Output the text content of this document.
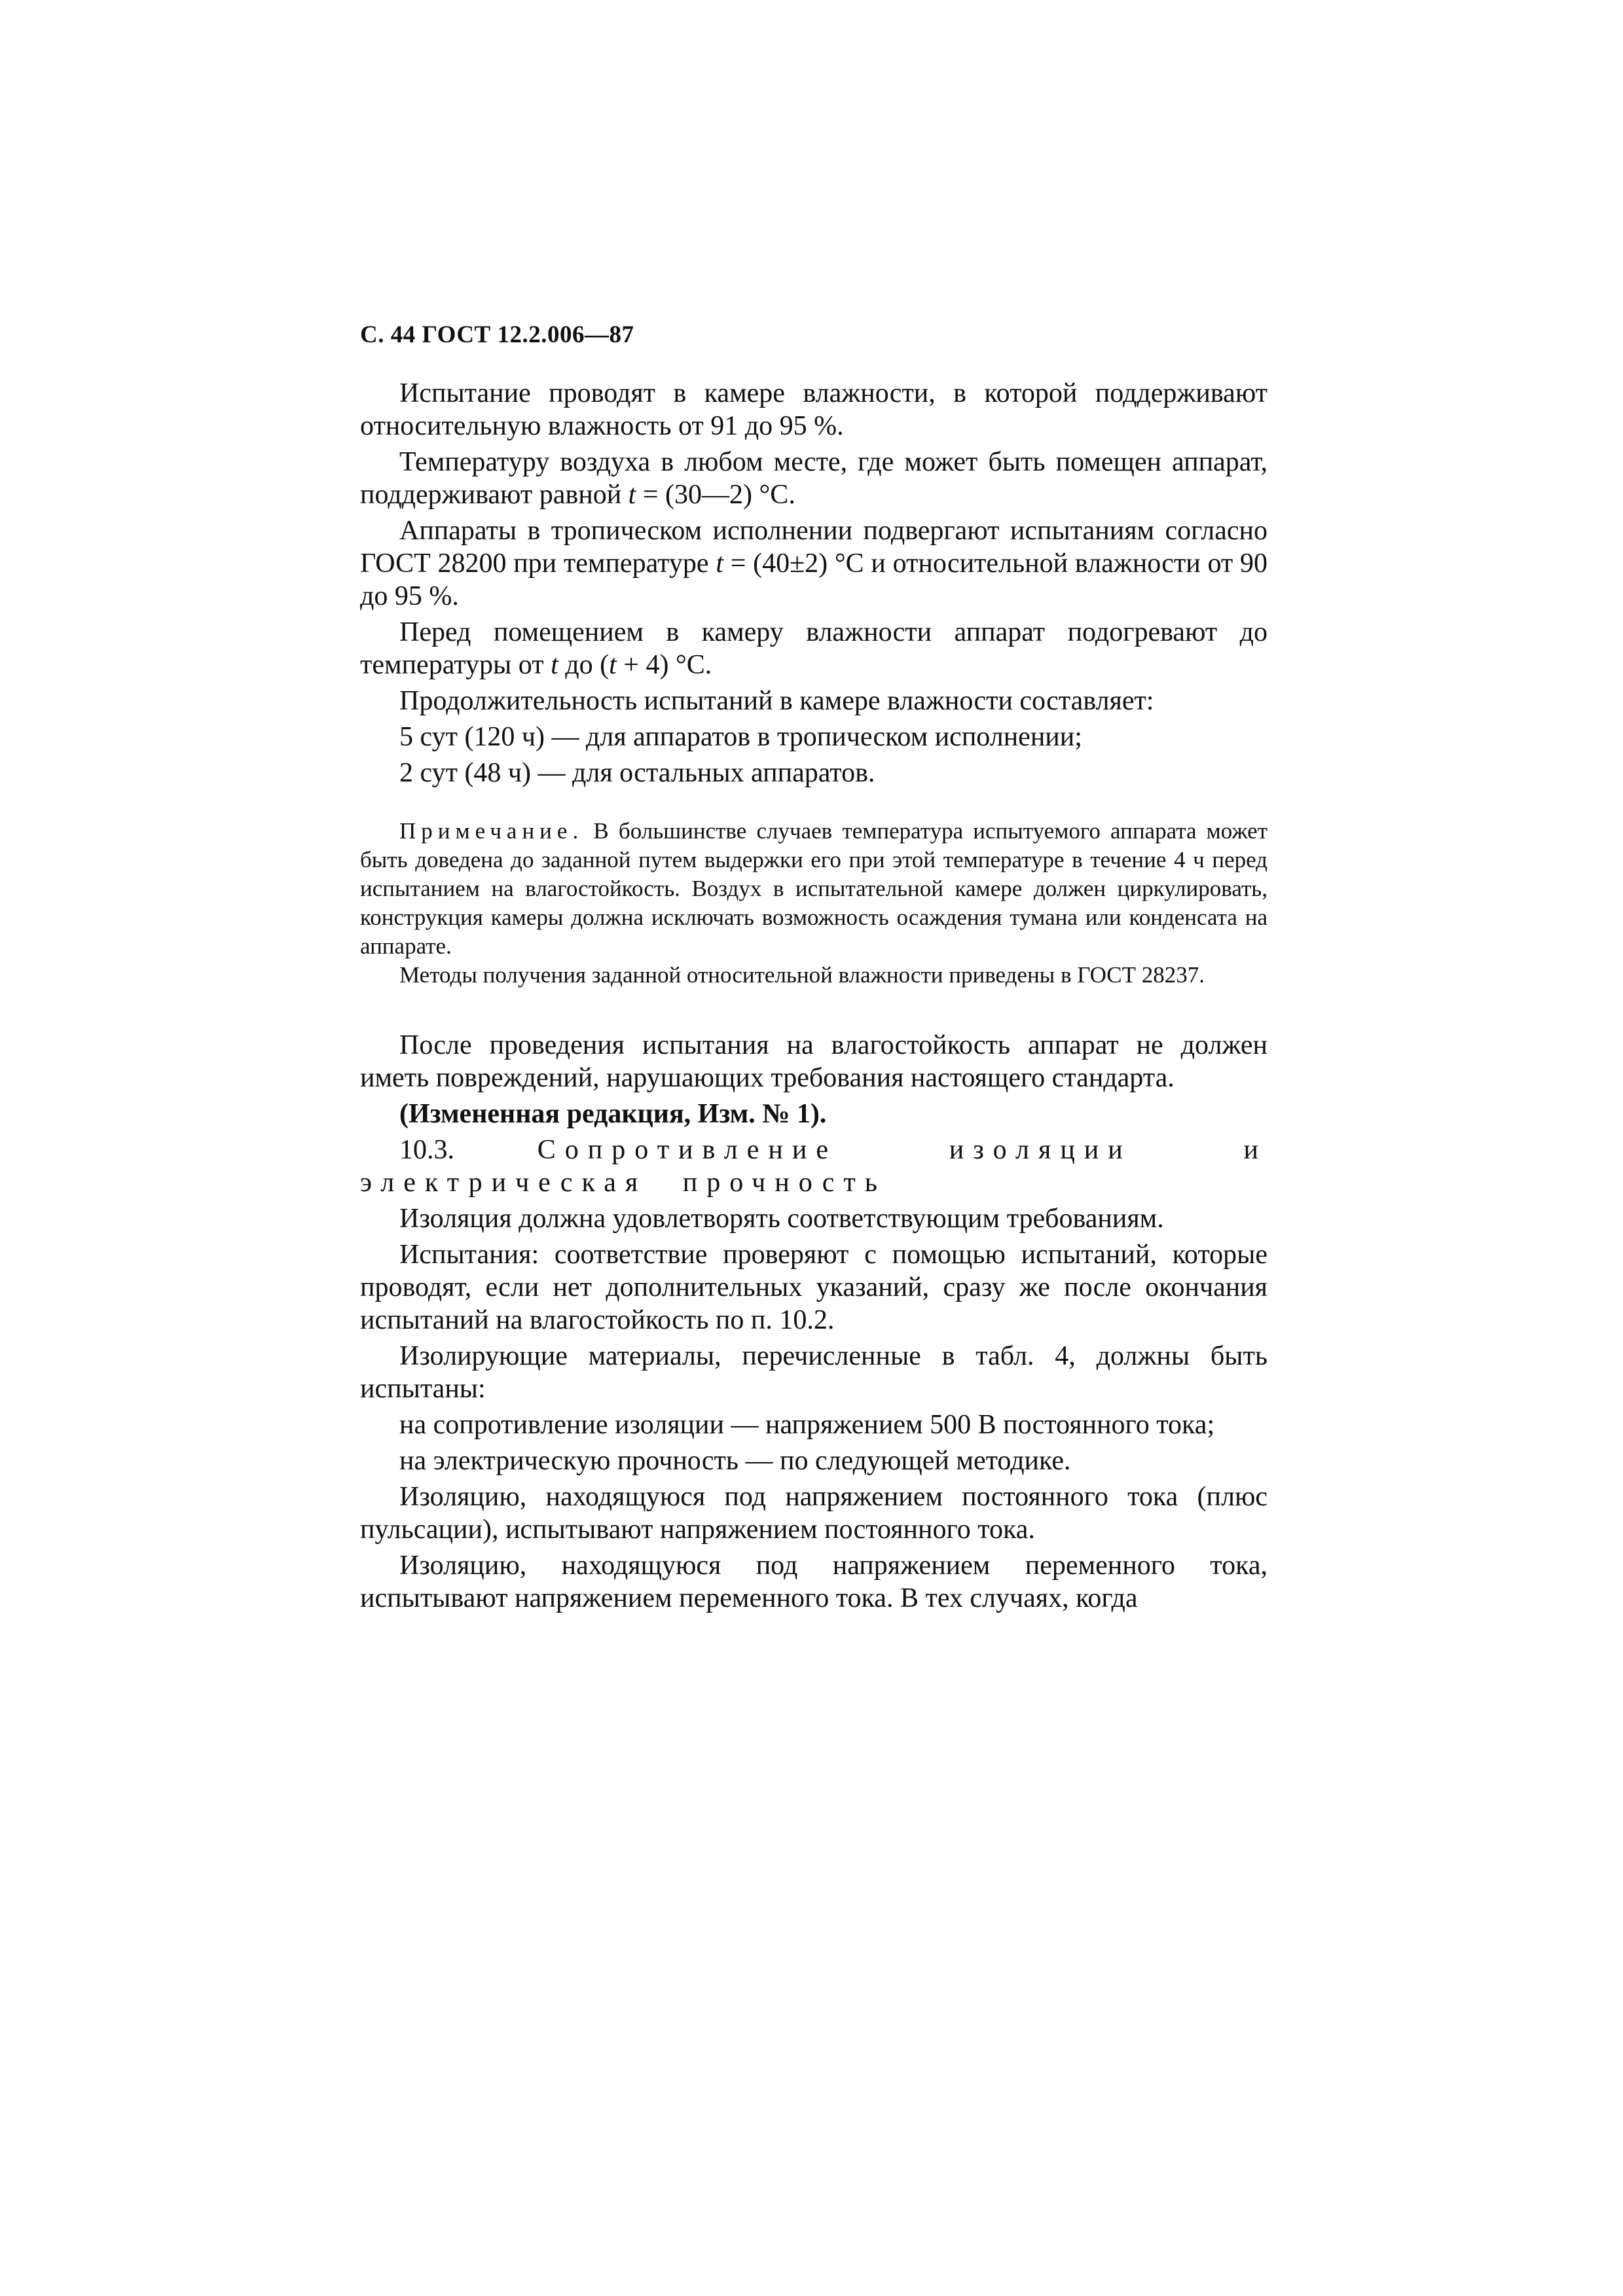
С. 44 ГОСТ 12.2.006—87

Испытание проводят в камере влажности, в которой поддерживают относительную влажность от 91 до 95 %.

Температуру воздуха в любом месте, где может быть помещен аппарат, поддерживают равной t = (30—2) °С.

Аппараты в тропическом исполнении подвергают испытаниям согласно ГОСТ 28200 при температуре t = (40±2) °С и относительной влажности от 90 до 95 %.

Перед помещением в камеру влажности аппарат подогревают до температуры от t до (t + 4) °С.

Продолжительность испытаний в камере влажности составляет:

5 сут (120 ч) — для аппаратов в тропическом исполнении;

2 сут (48 ч) — для остальных аппаратов.

Примечание. В большинстве случаев температура испытуемого аппарата может быть доведена до заданной путем выдержки его при этой температуре в течение 4 ч перед испытанием на влагостойкость. Воздух в испытательной камере должен циркулировать, конструкция камеры должна исключать возможность осаждения тумана или конденсата на аппарате.

Методы получения заданной относительной влажности приведены в ГОСТ 28237.

После проведения испытания на влагостойкость аппарат не должен иметь повреждений, нарушающих требования настоящего стандарта.

(Измененная редакция, Изм. № 1).

10.3. Сопротивление изоляции и электрическая прочность

Изоляция должна удовлетворять соответствующим требованиям.

Испытания: соответствие проверяют с помощью испытаний, которые проводят, если нет дополнительных указаний, сразу же после окончания испытаний на влагостойкость по п. 10.2.

Изолирующие материалы, перечисленные в табл. 4, должны быть испытаны:

на сопротивление изоляции — напряжением 500 В постоянного тока;

на электрическую прочность — по следующей методике.

Изоляцию, находящуюся под напряжением постоянного тока (плюс пульсации), испытывают напряжением постоянного тока.

Изоляцию, находящуюся под напряжением переменного тока, испытывают напряжением переменного тока. В тех случаях, когда
